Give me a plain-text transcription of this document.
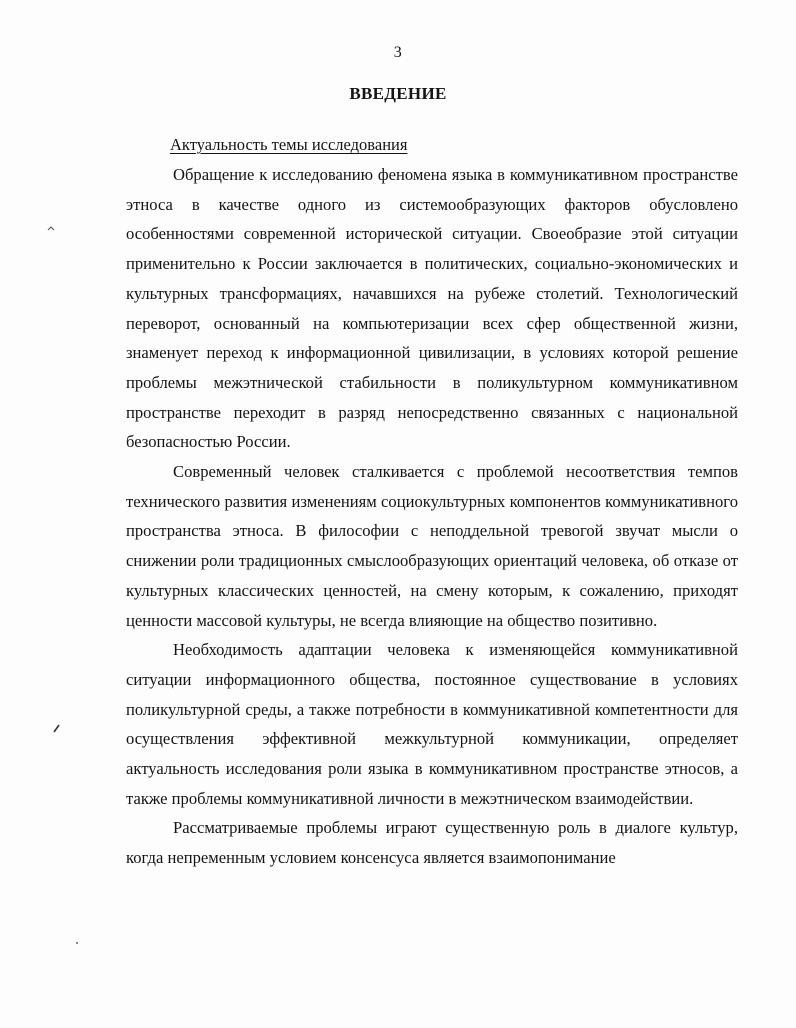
3
ВВЕДЕНИЕ
Актуальность темы исследования

Обращение к исследованию феномена языка в коммуникативном пространстве этноса в качестве одного из системообразующих факторов обусловлено особенностями современной исторической ситуации. Своеобразие этой ситуации применительно к России заключается в политических, социально-экономических и культурных трансформациях, начавшихся на рубеже столетий. Технологический переворот, основанный на компьютеризации всех сфер общественной жизни, знаменует переход к информационной цивилизации, в условиях которой решение проблемы межэтнической стабильности в поликультурном коммуникативном пространстве переходит в разряд непосредственно связанных с национальной безопасностью России.

Современный человек сталкивается с проблемой несоответствия темпов технического развития изменениям социокультурных компонентов коммуникативного пространства этноса. В философии с неподдельной тревогой звучат мысли о снижении роли традиционных смыслообразующих ориентаций человека, об отказе от культурных классических ценностей, на смену которым, к сожалению, приходят ценности массовой культуры, не всегда влияющие на общество позитивно.

Необходимость адаптации человека к изменяющейся коммуникативной ситуации информационного общества, постоянное существование в условиях поликультурной среды, а также потребности в коммуникативной компетентности для осуществления эффективной межкультурной коммуникации, определяет актуальность исследования роли языка в коммуникативном пространстве этносов, а также проблемы коммуникативной личности в межэтническом взаимодействии.

Рассматриваемые проблемы играют существенную роль в диалоге культур, когда непременным условием консенсуса является взаимопонимание
